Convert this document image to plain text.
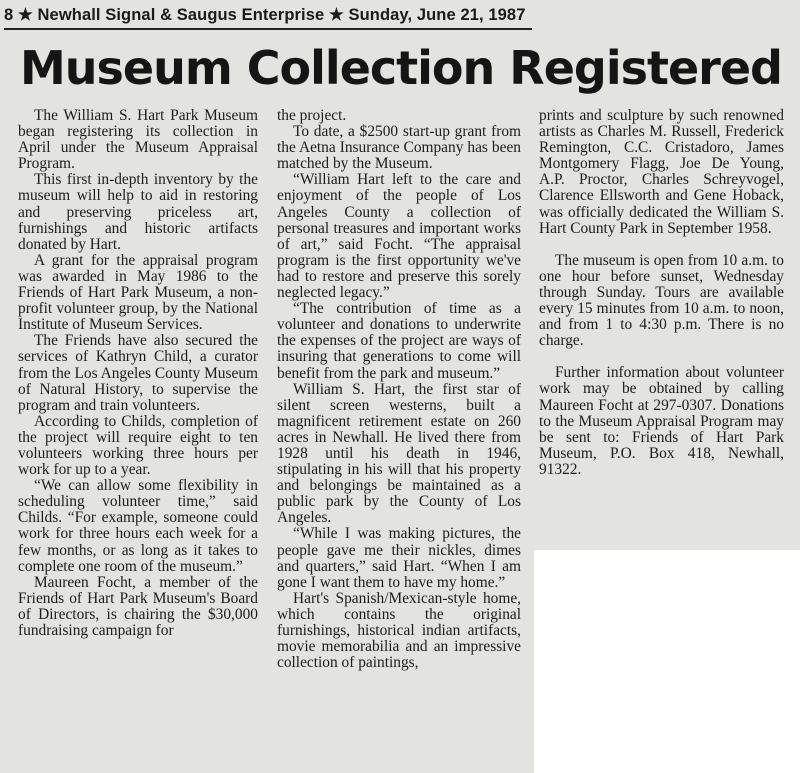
8 ★ Newhall Signal & Saugus Enterprise ★ Sunday, June 21, 1987
Museum Collection Registered

The William S. Hart Park Museum began registering its collection in April under the Museum Appraisal Program.

This first in-depth inventory by the museum will help to aid in restoring and preserving priceless art, furnishings and historic artifacts donated by Hart.

A grant for the appraisal program was awarded in May 1986 to the Friends of Hart Park Museum, a non-profit volunteer group, by the National Institute of Museum Services.

The Friends have also secured the services of Kathryn Child, a curator from the Los Angeles County Museum of Natural History, to supervise the program and train volunteers.

According to Childs, completion of the project will require eight to ten volunteers working three hours per work for up to a year.

“We can allow some flexibility in scheduling volunteer time,” said Childs. “For example, someone could work for three hours each week for a few months, or as long as it takes to complete one room of the museum.”

Maureen Focht, a member of the Friends of Hart Park Museum's Board of Directors, is chairing the $30,000 fundraising campaign for

the project.

To date, a $2500 start-up grant from the Aetna Insurance Company has been matched by the Museum.

“William Hart left to the care and enjoyment of the people of Los Angeles County a collection of personal treasures and important works of art,” said Focht. “The appraisal program is the first opportunity we've had to restore and preserve this sorely neglected legacy.”

“The contribution of time as a volunteer and donations to underwrite the expenses of the project are ways of insuring that generations to come will benefit from the park and museum.”

William S. Hart, the first star of silent screen westerns, built a magnificent retirement estate on 260 acres in Newhall. He lived there from 1928 until his death in 1946, stipulating in his will that his property and belongings be maintained as a public park by the County of Los Angeles.

“While I was making pictures, the people gave me their nickles, dimes and quarters,” said Hart. “When I am gone I want them to have my home.”

Hart's Spanish/Mexican-style home, which contains the original furnishings, historical indian artifacts, movie memorabilia and an impressive collection of paintings,

prints and sculpture by such renowned artists as Charles M. Russell, Frederick Remington, C.C. Cristadoro, James Montgomery Flagg, Joe De Young, A.P. Proctor, Charles Schreyvogel, Clarence Ellsworth and Gene Hoback, was officially dedicated the William S. Hart County Park in September 1958.

The museum is open from 10 a.m. to one hour before sunset, Wednesday through Sunday. Tours are available every 15 minutes from 10 a.m. to noon, and from 1 to 4:30 p.m. There is no charge.

Further information about volunteer work may be obtained by calling Maureen Focht at 297-0307. Donations to the Museum Appraisal Program may be sent to: Friends of Hart Park Museum, P.O. Box 418, Newhall, 91322.
